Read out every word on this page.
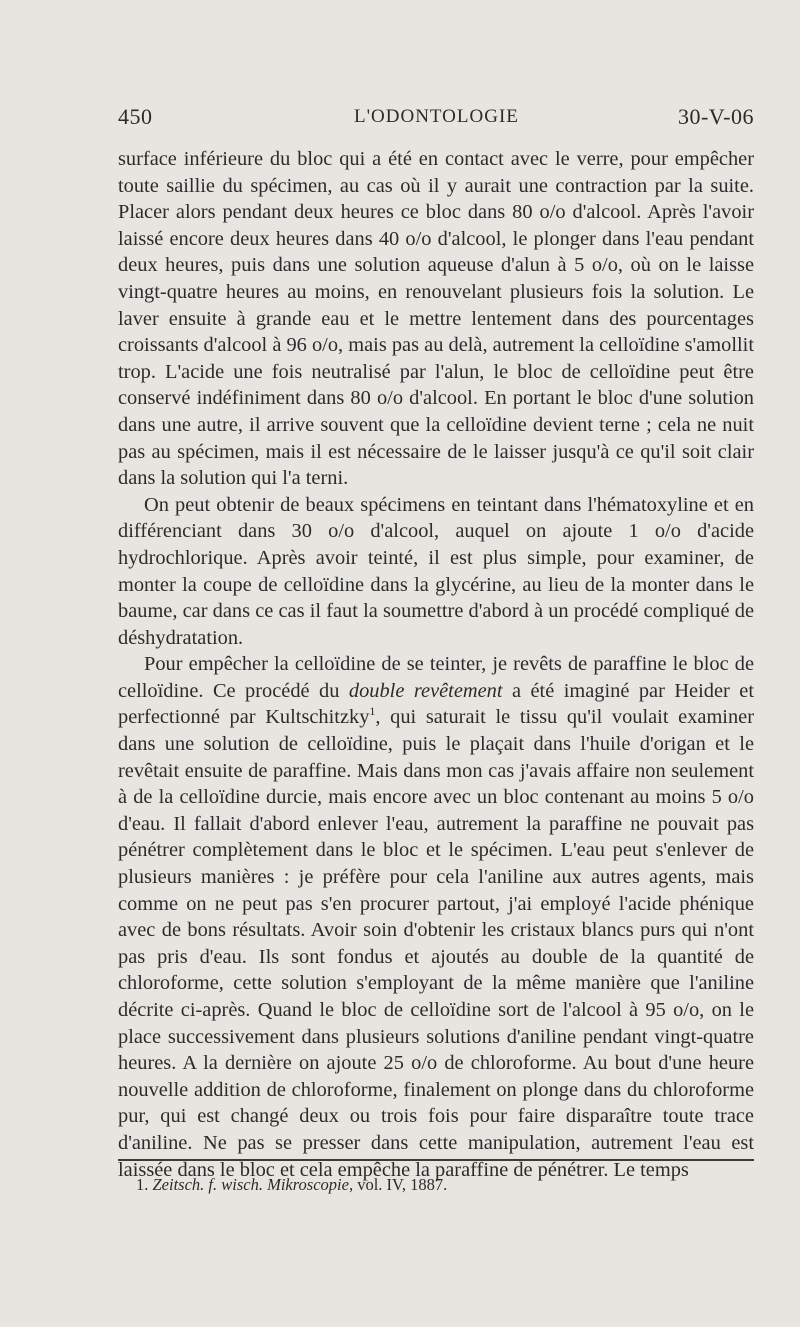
450	L'ODONTOLOGIE	30-V-06

surface inférieure du bloc qui a été en contact avec le verre, pour empêcher toute saillie du spécimen, au cas où il y aurait une contraction par la suite. Placer alors pendant deux heures ce bloc dans 80 o/o d'alcool. Après l'avoir laissé encore deux heures dans 40 o/o d'alcool, le plonger dans l'eau pendant deux heures, puis dans une solution aqueuse d'alun à 5 o/o, où on le laisse vingt-quatre heures au moins, en renouvelant plusieurs fois la solution. Le laver ensuite à grande eau et le mettre lentement dans des pourcentages croissants d'alcool à 96 o/o, mais pas au delà, autrement la celloïdine s'amollit trop. L'acide une fois neutralisé par l'alun, le bloc de celloïdine peut être conservé indéfiniment dans 80 o/o d'alcool. En portant le bloc d'une solution dans une autre, il arrive souvent que la celloïdine devient terne ; cela ne nuit pas au spécimen, mais il est nécessaire de le laisser jusqu'à ce qu'il soit clair dans la solution qui l'a terni.

On peut obtenir de beaux spécimens en teintant dans l'hématoxyline et en différenciant dans 30 o/o d'alcool, auquel on ajoute 1 o/o d'acide hydrochlorique. Après avoir teinté, il est plus simple, pour examiner, de monter la coupe de celloïdine dans la glycérine, au lieu de la monter dans le baume, car dans ce cas il faut la soumettre d'abord à un procédé compliqué de déshydratation.

Pour empêcher la celloïdine de se teinter, je revêts de paraffine le bloc de celloïdine. Ce procédé du double revêtement a été imaginé par Heider et perfectionné par Kultschitzky$^1$, qui saturait le tissu qu'il voulait examiner dans une solution de celloïdine, puis le plaçait dans l'huile d'origan et le revêtait ensuite de paraffine. Mais dans mon cas j'avais affaire non seulement à de la celloïdine durcie, mais encore avec un bloc contenant au moins 5 o/o d'eau. Il fallait d'abord enlever l'eau, autrement la paraffine ne pouvait pas pénétrer complètement dans le bloc et le spécimen. L'eau peut s'enlever de plusieurs manières : je préfère pour cela l'aniline aux autres agents, mais comme on ne peut pas s'en procurer partout, j'ai employé l'acide phénique avec de bons résultats. Avoir soin d'obtenir les cristaux blancs purs qui n'ont pas pris d'eau. Ils sont fondus et ajoutés au double de la quantité de chloroforme, cette solution s'employant de la même manière que l'aniline décrite ci-après. Quand le bloc de celloïdine sort de l'alcool à 95 o/o, on le place successivement dans plusieurs solutions d'aniline pendant vingt-quatre heures. A la dernière on ajoute 25 o/o de chloroforme. Au bout d'une heure nouvelle addition de chloroforme, finalement on plonge dans du chloroforme pur, qui est changé deux ou trois fois pour faire disparaître toute trace d'aniline. Ne pas se presser dans cette manipulation, autrement l'eau est laissée dans le bloc et cela empêche la paraffine de pénétrer. Le temps

1. Zeitsch. f. wisch. Mikroscopie, vol. IV, 1887.
